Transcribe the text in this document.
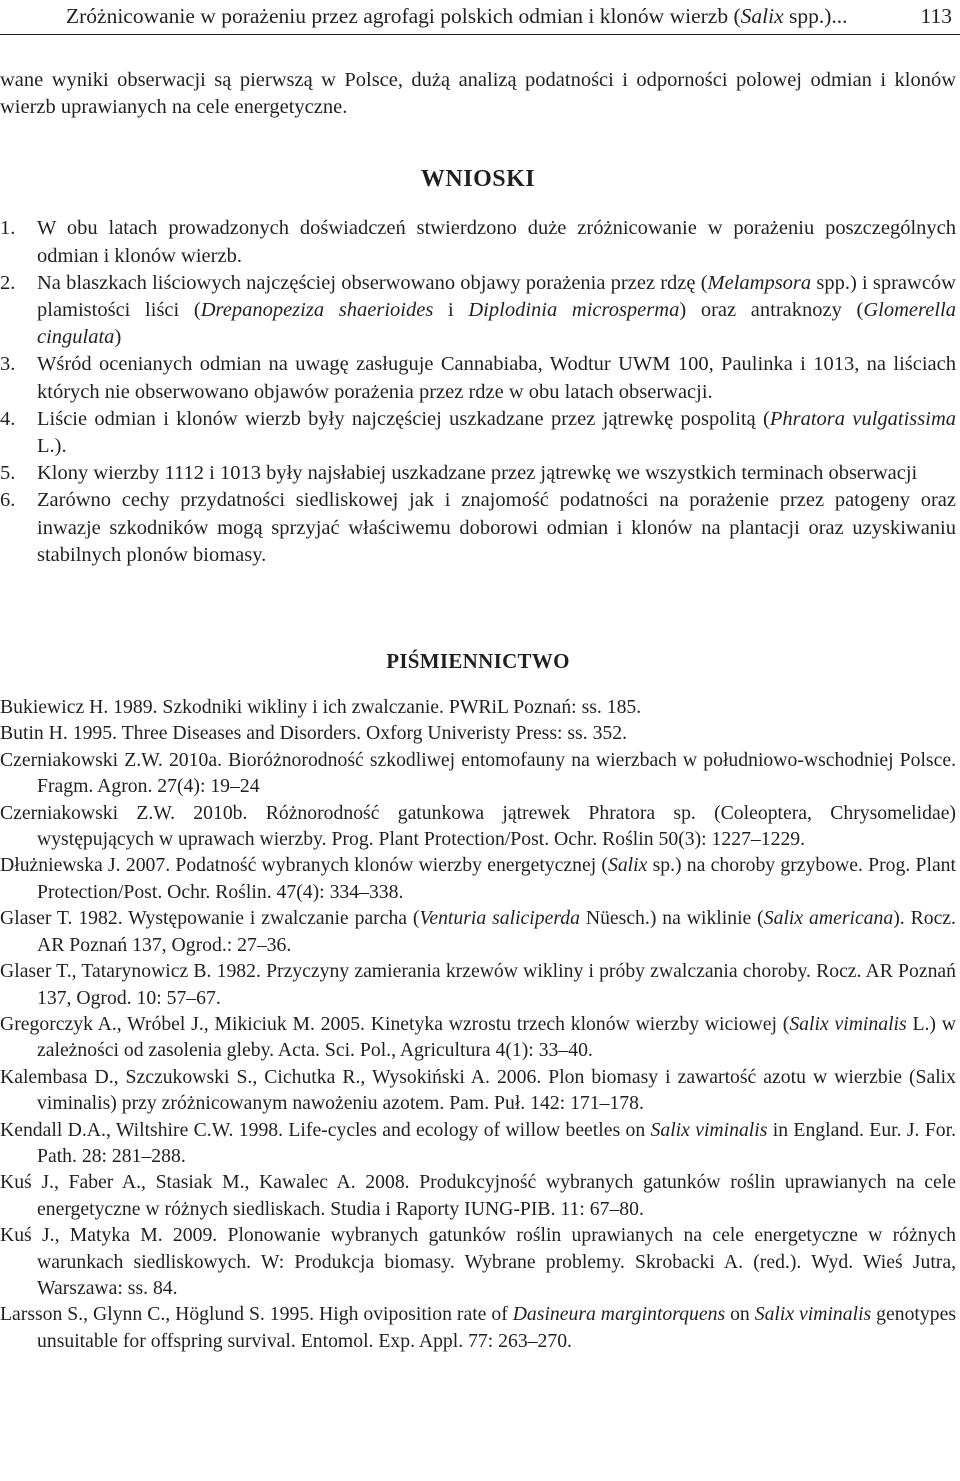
Zróżnicowanie w porażeniu przez agrofagi polskich odmian i klonów wierzb (Salix spp.)...	113

wane wyniki obserwacji są pierwszą w Polsce, dużą analizą podatności i odporności polowej odmian i klonów wierzb uprawianych na cele energetyczne.

WNIOSKI
1. W obu latach prowadzonych doświadczeń stwierdzono duże zróżnicowanie w porażeniu poszczególnych odmian i klonów wierzb.
2. Na blaszkach liściowych najczęściej obserwowano objawy porażenia przez rdzę (Melampsora spp.) i sprawców plamistości liści (Drepanopeziza shaerioides i Diplodinia microsperma) oraz antraknozy (Glomerella cingulata)
3. Wśród ocenianych odmian na uwagę zasługuje Cannabiaba, Wodtur UWM 100, Paulinka i 1013, na liściach których nie obserwowano objawów porażenia przez rdze w obu latach obserwacji.
4. Liście odmian i klonów wierzb były najczęściej uszkadzane przez jątrewkę pospolitą (Phratora vulgatissima L.).
5. Klony wierzby 1112 i 1013 były najsłabiej uszkadzane przez jątrewkę we wszystkich terminach obserwacji
6. Zarówno cechy przydatności siedliskowej jak i znajomość podatności na porażenie przez patogeny oraz inwazje szkodników mogą sprzyjać właściwemu doborowi odmian i klonów na plantacji oraz uzyskiwaniu stabilnych plonów biomasy.
PIŚMIENNICTWO
Bukiewicz H. 1989. Szkodniki wikliny i ich zwalczanie. PWRiL Poznań: ss. 185.
Butin H. 1995. Three Diseases and Disorders. Oxforg Univeristy Press: ss. 352.
Czerniakowski Z.W. 2010a. Bioróżnorodność szkodliwej entomofauny na wierzbach w południowo-wschodniej Polsce. Fragm. Agron. 27(4): 19–24
Czerniakowski Z.W. 2010b. Różnorodność gatunkowa jątrewek Phratora sp. (Coleoptera, Chrysomelidae) występujących w uprawach wierzby. Prog. Plant Protection/Post. Ochr. Roślin 50(3): 1227–1229.
Dłużniewska J. 2007. Podatność wybranych klonów wierzby energetycznej (Salix sp.) na choroby grzybowe. Prog. Plant Protection/Post. Ochr. Roślin. 47(4): 334–338.
Glaser T. 1982. Występowanie i zwalczanie parcha (Venturia saliciperda Nüesch.) na wiklinie (Salix americana). Rocz. AR Poznań 137, Ogrod.: 27–36.
Glaser T., Tatarynowicz B. 1982. Przyczyny zamierania krzewów wikliny i próby zwalczania choroby. Rocz. AR Poznań 137, Ogrod. 10: 57–67.
Gregorczyk A., Wróbel J., Mikiciuk M. 2005. Kinetyka wzrostu trzech klonów wierzby wiciowej (Salix viminalis L.) w zależności od zasolenia gleby. Acta. Sci. Pol., Agricultura 4(1): 33–40.
Kalembasa D., Szczukowski S., Cichutka R., Wysokiński A. 2006. Plon biomasy i zawartość azotu w wierzbie (Salix viminalis) przy zróżnicowanym nawożeniu azotem. Pam. Puł. 142: 171–178.
Kendall D.A., Wiltshire C.W. 1998. Life-cycles and ecology of willow beetles on Salix viminalis in England. Eur. J. For. Path. 28: 281–288.
Kuś J., Faber A., Stasiak M., Kawalec A. 2008. Produkcyjność wybranych gatunków roślin uprawianych na cele energetyczne w różnych siedliskach. Studia i Raporty IUNG-PIB. 11: 67–80.
Kuś J., Matyka M. 2009. Plonowanie wybranych gatunków roślin uprawianych na cele energetyczne w różnych warunkach siedliskowych. W: Produkcja biomasy. Wybrane problemy. Skrobacki A. (red.). Wyd. Wieś Jutra, Warszawa: ss. 84.
Larsson S., Glynn C., Höglund S. 1995. High oviposition rate of Dasineura margintorquens on Salix viminalis genotypes unsuitable for offspring survival. Entomol. Exp. Appl. 77: 263–270.
